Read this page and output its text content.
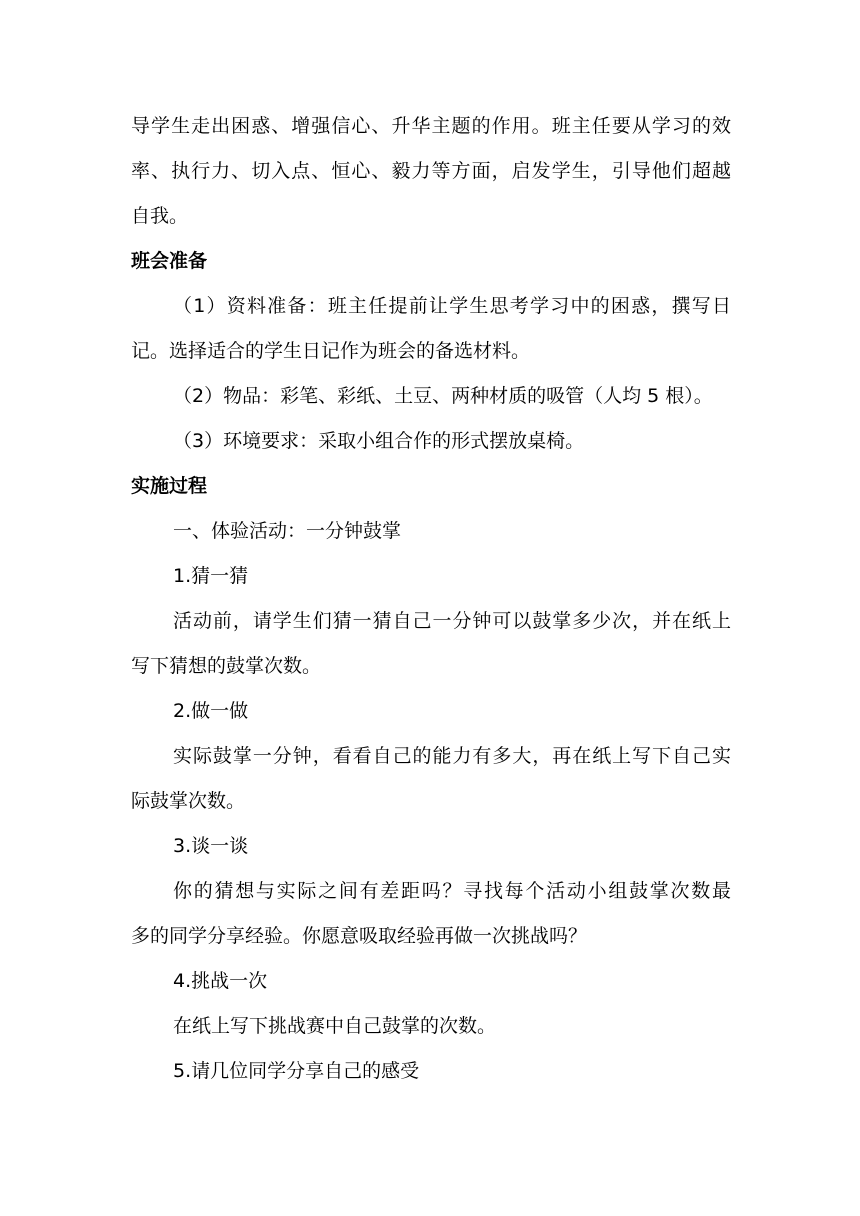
导学生走出困惑、增强信心、升华主题的作用。班主任要从学习的效
率、执行力、切入点、恒心、毅力等方面，启发学生，引导他们超越
自我。
班会准备
（1）资料准备：班主任提前让学生思考学习中的困惑，撰写日
记。选择适合的学生日记作为班会的备选材料。
（2）物品：彩笔、彩纸、土豆、两种材质的吸管（人均 5 根）。
（3）环境要求：采取小组合作的形式摆放桌椅。
实施过程
一、体验活动：一分钟鼓掌
1.猜一猜
活动前，请学生们猜一猜自己一分钟可以鼓掌多少次，并在纸上
写下猜想的鼓掌次数。
2.做一做
实际鼓掌一分钟，看看自己的能力有多大，再在纸上写下自己实
际鼓掌次数。
3.谈一谈
你的猜想与实际之间有差距吗？寻找每个活动小组鼓掌次数最
多的同学分享经验。你愿意吸取经验再做一次挑战吗？
4.挑战一次
在纸上写下挑战赛中自己鼓掌的次数。
5.请几位同学分享自己的感受
